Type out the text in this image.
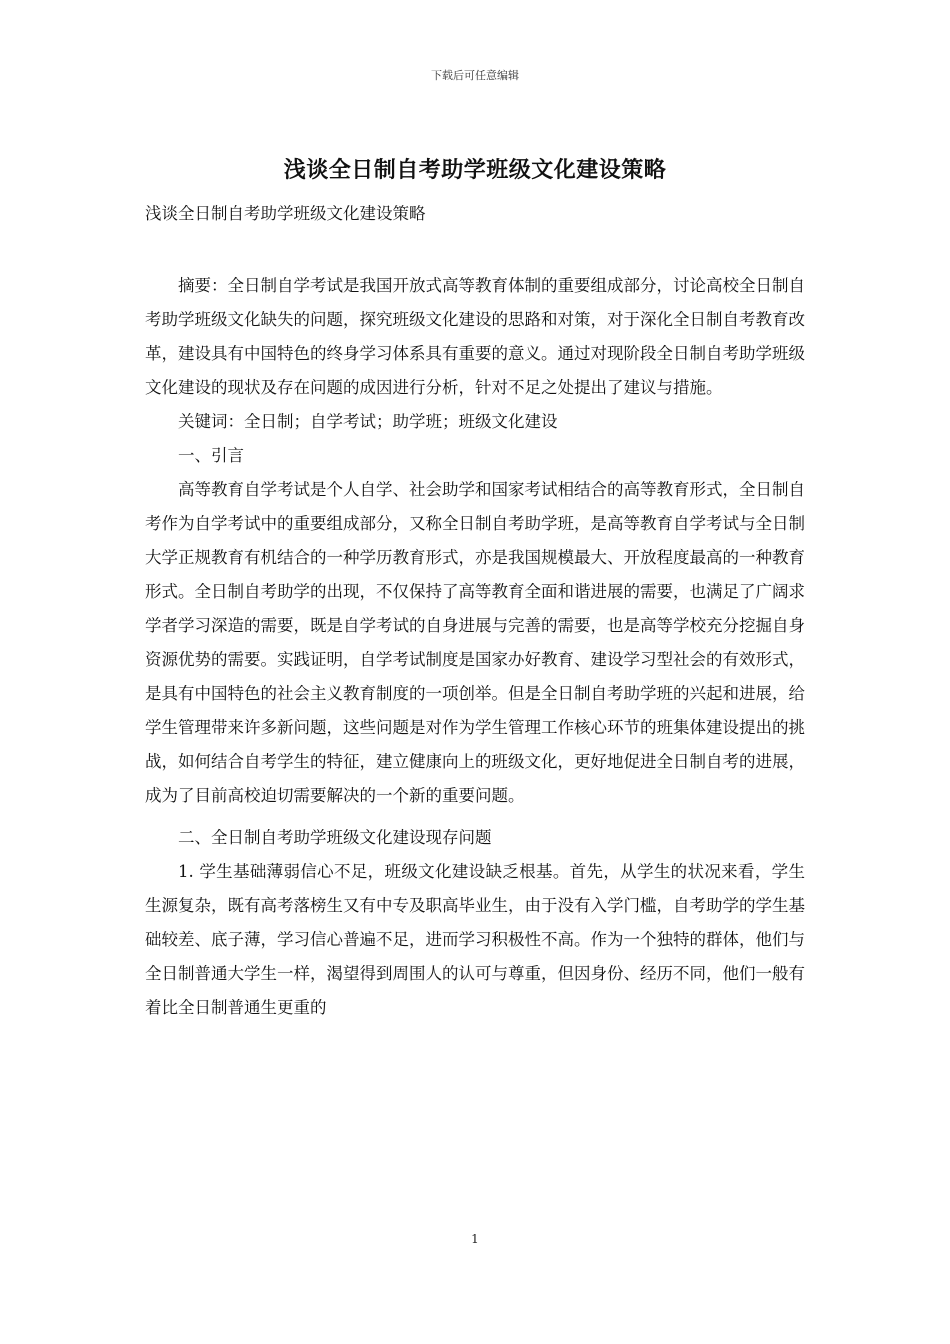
下载后可任意编辑
浅谈全日制自考助学班级文化建设策略
浅谈全日制自考助学班级文化建设策略

摘要：全日制自学考试是我国开放式高等教育体制的重要组成部分，讨论高校全日制自考助学班级文化缺失的问题，探究班级文化建设的思路和对策，对于深化全日制自考教育改革，建设具有中国特色的终身学习体系具有重要的意义。通过对现阶段全日制自考助学班级文化建设的现状及存在问题的成因进行分析，针对不足之处提出了建议与措施。

关键词：全日制；自学考试；助学班；班级文化建设

一、引言

高等教育自学考试是个人自学、社会助学和国家考试相结合的高等教育形式，全日制自考作为自学考试中的重要组成部分，又称全日制自考助学班，是高等教育自学考试与全日制大学正规教育有机结合的一种学历教育形式，亦是我国规模最大、开放程度最高的一种教育形式。全日制自考助学的出现，不仅保持了高等教育全面和谐进展的需要，也满足了广阔求学者学习深造的需要，既是自学考试的自身进展与完善的需要，也是高等学校充分挖掘自身资源优势的需要。实践证明，自学考试制度是国家办好教育、建设学习型社会的有效形式，是具有中国特色的社会主义教育制度的一项创举。但是全日制自考助学班的兴起和进展，给学生管理带来许多新问题，这些问题是对作为学生管理工作核心环节的班集体建设提出的挑战，如何结合自考学生的特征，建立健康向上的班级文化，更好地促进全日制自考的进展，成为了目前高校迫切需要解决的一个新的重要问题。

二、全日制自考助学班级文化建设现存问题

1. 学生基础薄弱信心不足，班级文化建设缺乏根基。首先，从学生的状况来看，学生生源复杂，既有高考落榜生又有中专及职高毕业生，由于没有入学门槛，自考助学的学生基础较差、底子薄，学习信心普遍不足，进而学习积极性不高。作为一个独特的群体，他们与全日制普通大学生一样，渴望得到周围人的认可与尊重，但因身份、经历不同，他们一般有着比全日制普通生更重的

1
